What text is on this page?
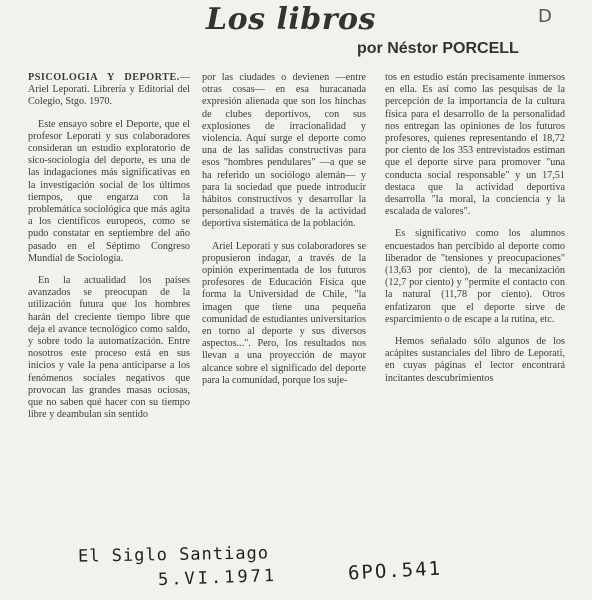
Los libros	D
por Néstor PORCELL

PSICOLOGIA Y DEPORTE.— Ariel Leporati. Librería y Editorial del Colegio, Stgo. 1970.

Este ensayo sobre el Deporte, que el profesor Leporati y sus colaboradores consideran un estudio exploratorio de sico-sociología del deporte, es una de las indagaciones más significativas en la investigación social de los últimos tiempos, que engarza con la problemática sociológica que más agita a los científicos europeos, como se pudo constatar en septiembre del año pasado en el Séptimo Congreso Mundial de Sociología.

En la actualidad los países avanzados se preocupan de la utilización futura que los hombres harán del creciente tiempo libre que deja el avance tecnológico como saldo, y sobre todo la automatización. Entre nosotros este proceso está en sus inicios y vale la pena anticiparse a los fenómenos sociales negativos que provocan las grandes masas ociosas, que no saben qué hacer con su tiempo libre y deambulan sin sentido

por las ciudades o devienen —entre otras cosas— en esa huracanada expresión alienada que son los hinchas de clubes deportivos, con sus explosiones de irracionalidad y violencia. Aquí surge el deporte como una de las salidas constructivas para esos "hombres pendulares" —a que se ha referido un sociólogo alemán— y para la sociedad que puede introducir hábitos constructivos y desarrollar la personalidad a través de la actividad deportiva sistemática de la población.

Ariel Leporati y sus colaboradores se propusieron indagar, a través de la opinión experimentada de los futuros profesores de Educación Física que forma la Universidad de Chile, "la imagen que tiene una pequeña comunidad de estudiantes universitarios en torno al deporte y sus diversos aspectos...". Pero, los resultados nos llevan a una proyección de mayor alcance sobre el significado del deporte para la comunidad, porque los suje-

tos en estudio están precisamente inmersos en ella. Es así como las pesquisas de la percepción de la importancia de la cultura física para el desarrollo de la personalidad nos entregan las opiniones de los futuros profesores, quienes representando el 18,72 por ciento de los 353 entrevistados estiman que el deporte sirve para promover "una conducta social responsable" y un 17,51 destaca que la actividad deportiva desarrolla "la moral, la conciencia y la escalada de valores".

Es significativo como los alumnos encuestados han percibido al deporte como liberador de "tensiones y preocupaciones" (13,63 por ciento), de la mecanización (12,7 por ciento) y "permite el contacto con la natural (11,78 por ciento). Otros enfatizaron que el deporte sirve de esparcimiento o de escape a la rutina, etc.

Hemos señalado sólo algunos de los acápites sustanciales del libro de Leporati, en cuyas páginas el lector encontrará incitantes descubrimientos

El Siglo Santiago
5.VI.1971	6PO.541
